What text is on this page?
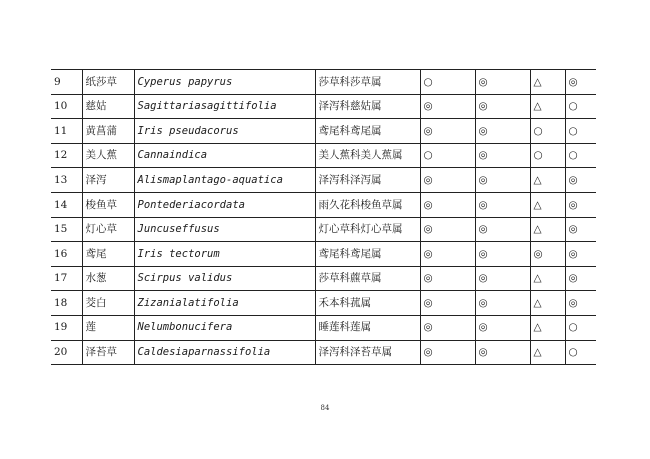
9	纸莎草	Cyperus papyrus	莎草科莎草属	○	◎	△	◎
10	慈姑	Sagittariasagittifolia	泽泻科慈姑属	◎	◎	△	○
11	黄菖蒲	Iris pseudacorus	鸢尾科鸢尾属	◎	◎	○	○
12	美人蕉	Cannaindica	美人蕉科美人蕉属	○	◎	○	○
13	泽泻	Alismaplantago-aquatica	泽泻科泽泻属	◎	◎	△	◎
14	梭鱼草	Pontederiacordata	雨久花科梭鱼草属	◎	◎	△	◎
15	灯心草	Juncuseffusus	灯心草科灯心草属	◎	◎	△	◎
16	鸢尾	Iris tectorum	鸢尾科鸢尾属	◎	◎	◎	◎
17	水葱	Scirpus validus	莎草科藨草属	◎	◎	△	◎
18	茭白	Zizanialatifolia	禾本科菰属	◎	◎	△	◎
19	莲	Nelumbonucifera	睡莲科莲属	◎	◎	△	○
20	泽苔草	Caldesiaparnassifolia	泽泻科泽苔草属	◎	◎	△	○
84
